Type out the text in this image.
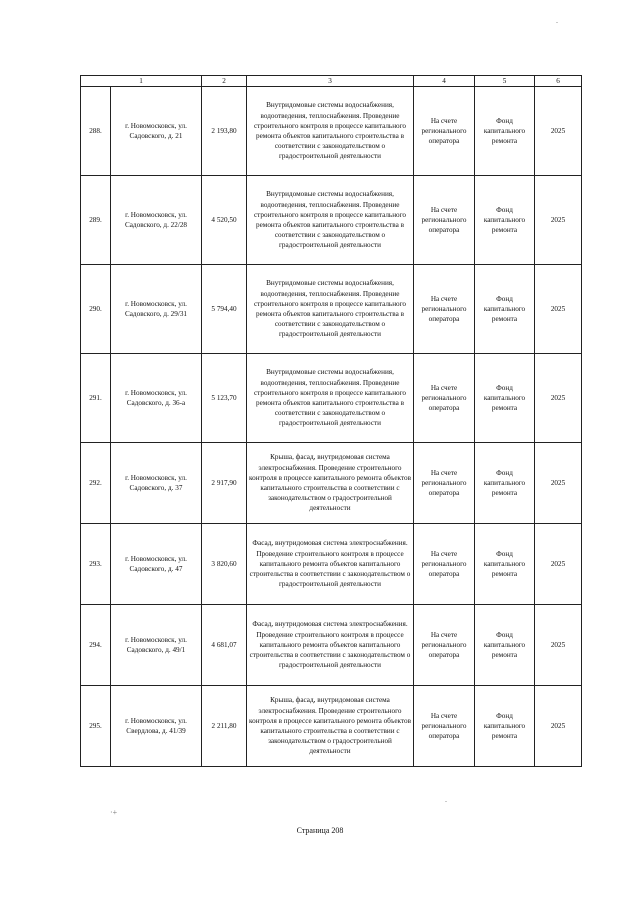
1		2	3	4	5	6
288.	г. Новомосковск, ул. Садовского, д. 21	2 193,80	Внутридомовые системы водоснабжения, водоотведения, теплоснабжения. Проведение строительного контроля в процессе капитального ремонта объектов капитального строительства в соответствии с законодательством о градостроительной деятельности	На счете регионального оператора	Фонд капитального ремонта	2025
289.	г. Новомосковск, ул. Садовского, д. 22/28	4 520,50	Внутридомовые системы водоснабжения, водоотведения, теплоснабжения. Проведение строительного контроля в процессе капитального ремонта объектов капитального строительства в соответствии с законодательством о градостроительной деятельности	На счете регионального оператора	Фонд капитального ремонта	2025
290.	г. Новомосковск, ул. Садовского, д. 29/31	5 794,40	Внутридомовые системы водоснабжения, водоотведения, теплоснабжения. Проведение строительного контроля в процессе капитального ремонта объектов капитального строительства в соответствии с законодательством о градостроительной деятельности	На счете регионального оператора	Фонд капитального ремонта	2025
291.	г. Новомосковск, ул. Садовского, д. 36-а	5 123,70	Внутридомовые системы водоснабжения, водоотведения, теплоснабжения. Проведение строительного контроля в процессе капитального ремонта объектов капитального строительства в соответствии с законодательством о градостроительной деятельности	На счете регионального оператора	Фонд капитального ремонта	2025
292.	г. Новомосковск, ул. Садовского, д. 37	2 917,90	Крыша, фасад, внутридомовая система электроснабжения. Проведение строительного контроля в процессе капитального ремонта объектов капитального строительства в соответствии с законодательством о градостроительной деятельности	На счете регионального оператора	Фонд капитального ремонта	2025
293.	г. Новомосковск, ул. Садовского, д. 47	3 820,60	Фасад, внутридомовая система электроснабжения. Проведение строительного контроля в процессе капитального ремонта объектов капитального строительства в соответствии с законодательством о градостроительной деятельности	На счете регионального оператора	Фонд капитального ремонта	2025
294.	г. Новомосковск, ул. Садовского, д. 49/1	4 681,07	Фасад, внутридомовая система электроснабжения. Проведение строительного контроля в процессе капитального ремонта объектов капитального строительства в соответствии с законодательством о градостроительной деятельности	На счете регионального оператора	Фонд капитального ремонта	2025
295.	г. Новомосковск, ул. Свердлова, д. 41/39	2 211,80	Крыша, фасад, внутридомовая система электроснабжения. Проведение строительного контроля в процессе капитального ремонта объектов капитального строительства в соответствии с законодательством о градостроительной деятельности	На счете регионального оператора	Фонд капитального ремонта	2025
.
·+
.
Страница 208
